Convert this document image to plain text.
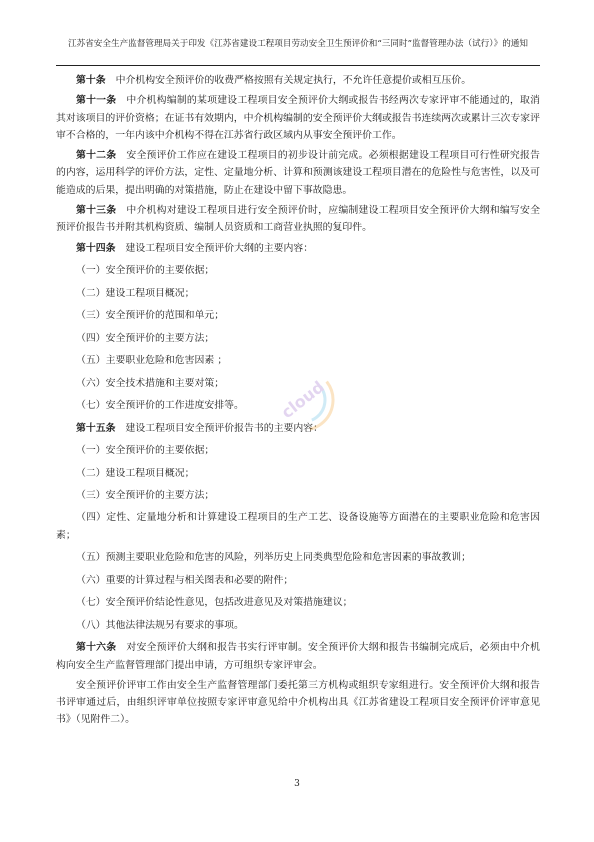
江苏省安全生产监督管理局关于印发《江苏省建设工程项目劳动安全卫生预评价和“三同时”监督管理办法（试行）》的通知

第十条 中介机构安全预评价的收费严格按照有关规定执行，不允许任意提价或相互压价。

第十一条 中介机构编制的某项建设工程项目安全预评价大纲或报告书经两次专家评审不能通过的，取消其对该项目的评价资格；在证书有效期内，中介机构编制的安全预评价大纲或报告书连续两次或累计三次专家评审不合格的，一年内该中介机构不得在江苏省行政区域内从事安全预评价工作。

第十二条 安全预评价工作应在建设工程项目的初步设计前完成。必须根据建设工程项目可行性研究报告的内容，运用科学的评价方法，定性、定量地分析、计算和预测该建设工程项目潜在的危险性与危害性，以及可能造成的后果，提出明确的对策措施，防止在建设中留下事故隐患。

第十三条 中介机构对建设工程项目进行安全预评价时，应编制建设工程项目安全预评价大纲和编写安全预评价报告书并附其机构资质、编制人员资质和工商营业执照的复印件。

第十四条 建设工程项目安全预评价大纲的主要内容：

（一）安全预评价的主要依据；

（二）建设工程项目概况；

（三）安全预评价的范围和单元；

（四）安全预评价的主要方法；

（五）主要职业危险和危害因素 ；

（六）安全技术措施和主要对策；

（七）安全预评价的工作进度安排等。

第十五条 建设工程项目安全预评价报告书的主要内容：

（一）安全预评价的主要依据；

（二）建设工程项目概况；

（三）安全预评价的主要方法；

（四）定性、定量地分析和计算建设工程项目的生产工艺、设备设施等方面潜在的主要职业危险和危害因素；

（五）预测主要职业危险和危害的风险，列举历史上同类典型危险和危害因素的事故教训；

（六）重要的计算过程与相关图表和必要的附件；

（七）安全预评价结论性意见，包括改进意见及对策措施建议；

（八）其他法律法规另有要求的事项。

第十六条 对安全预评价大纲和报告书实行评审制。安全预评价大纲和报告书编制完成后，必须由中介机构向安全生产监督管理部门提出申请，方可组织专家评审会。

安全预评价评审工作由安全生产监督管理部门委托第三方机构或组织专家组进行。安全预评价大纲和报告书评审通过后，由组织评审单位按照专家评审意见给中介机构出具《江苏省建设工程项目安全预评价评审意见书》（见附件二）。

cloud
3
